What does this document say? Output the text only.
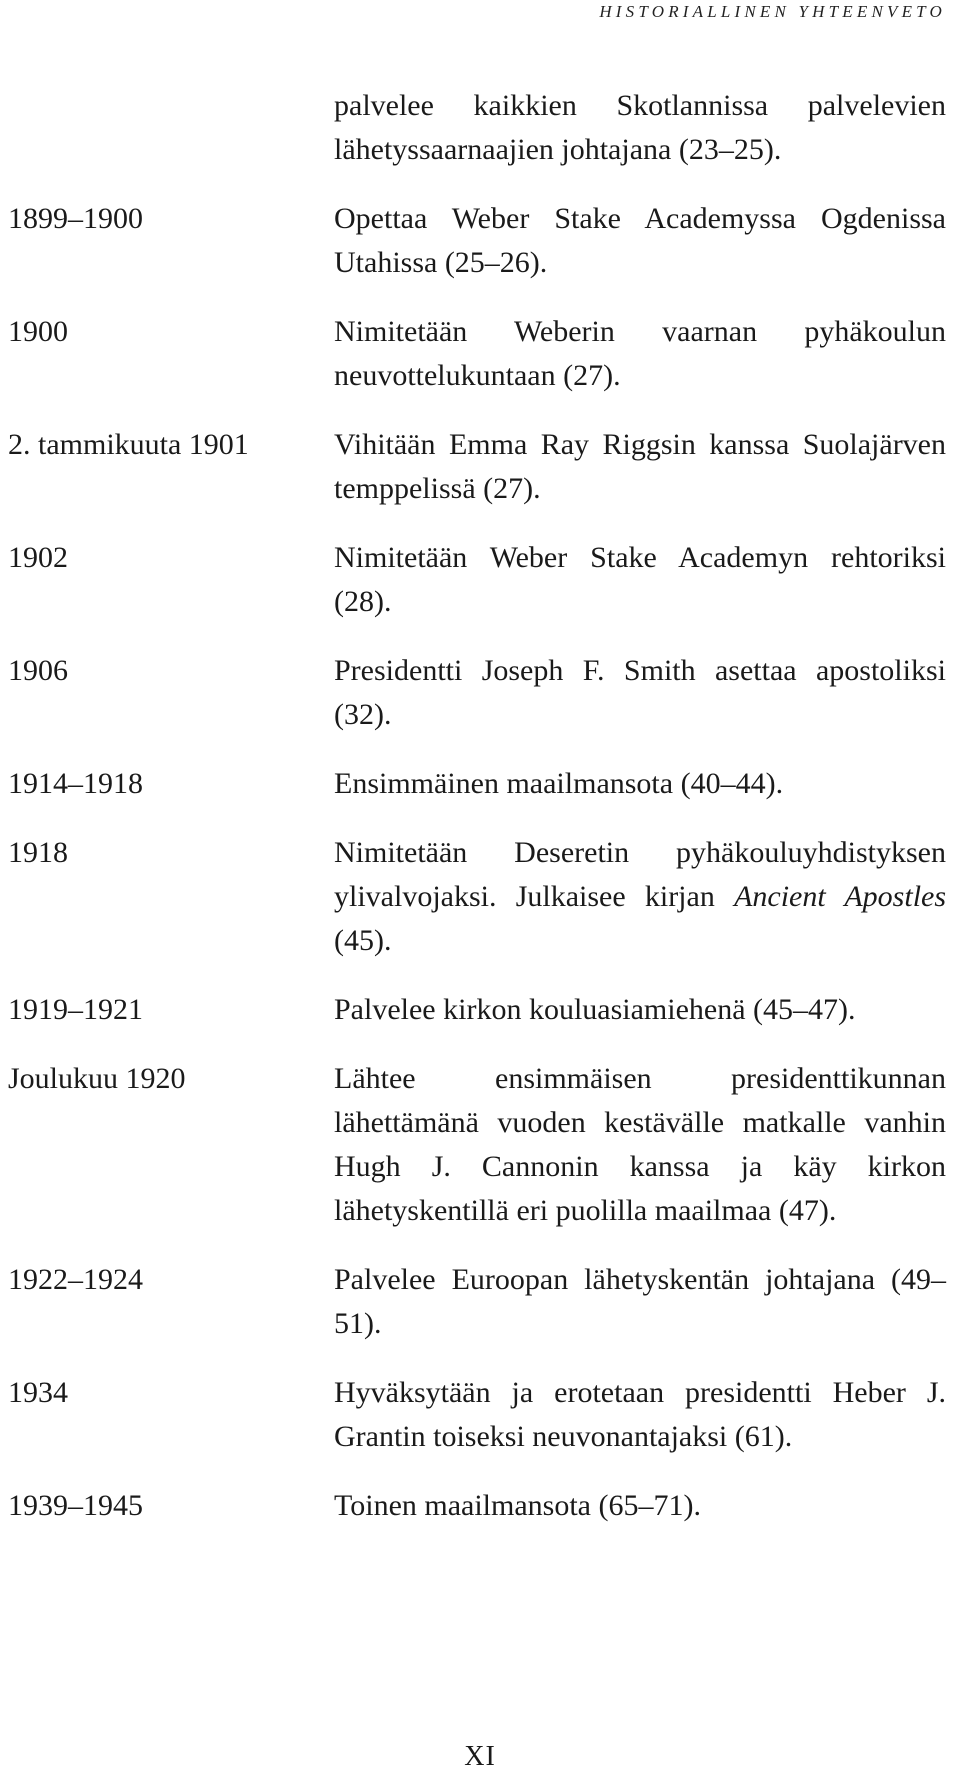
HISTORIALLINEN YHTEENVETO
palvelee kaikkien Skotlannissa palvelevien lähetyssaarnaajien johtajana (23–25).
1899–1900	Opettaa Weber Stake Academyssa Ogdenissa Utahissa (25–26).
1900	Nimitetään Weberin vaarnan pyhäkoulun neuvottelukuntaan (27).
2. tammikuuta 1901	Vihitään Emma Ray Riggsin kanssa Suolajärven temppelissä (27).
1902	Nimitetään Weber Stake Academyn rehtoriksi (28).
1906	Presidentti Joseph F. Smith asettaa apostoliksi (32).
1914–1918	Ensimmäinen maailmansota (40–44).
1918	Nimitetään Deseretin pyhäkouluyhdistyksen ylivalvojaksi. Julkaisee kirjan Ancient Apostles (45).
1919–1921	Palvelee kirkon kouluasiamiehenä (45–47).
Joulukuu 1920	Lähtee ensimmäisen presidenttikunnan lähettämänä vuoden kestävälle matkalle vanhin Hugh J. Cannonin kanssa ja käy kirkon lähetyskentillä eri puolilla maailmaa (47).
1922–1924	Palvelee Euroopan lähetyskentän johtajana (49–51).
1934	Hyväksytään ja erotetaan presidentti Heber J. Grantin toiseksi neuvonantajaksi (61).
1939–1945	Toinen maailmansota (65–71).
XI
